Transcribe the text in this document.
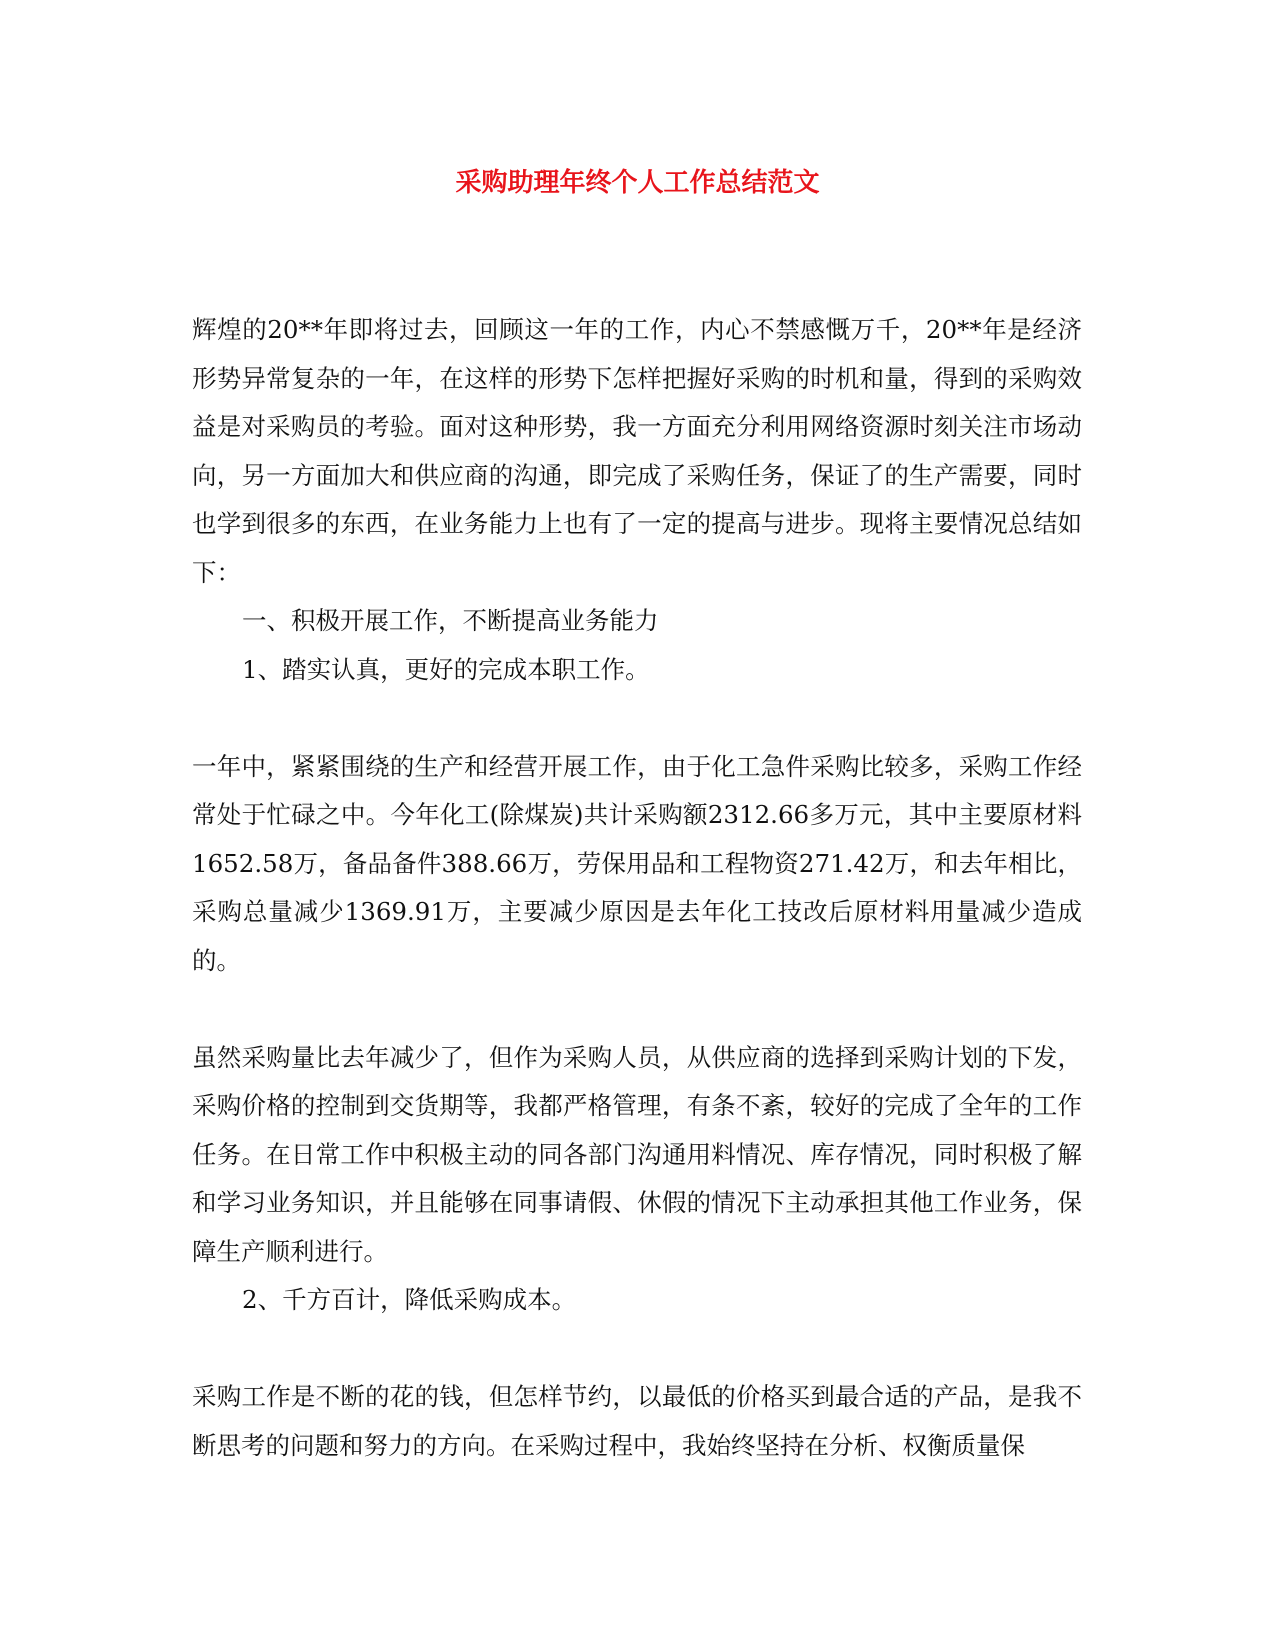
采购助理年终个人工作总结范文

辉煌的20**年即将过去，回顾这一年的工作，内心不禁感慨万千，20**年是经济形势异常复杂的一年，在这样的形势下怎样把握好采购的时机和量，得到的采购效益是对采购员的考验。面对这种形势，我一方面充分利用网络资源时刻关注市场动向，另一方面加大和供应商的沟通，即完成了采购任务，保证了的生产需要，同时也学到很多的东西，在业务能力上也有了一定的提高与进步。现将主要情况总结如下：

一、积极开展工作，不断提高业务能力

1、踏实认真，更好的完成本职工作。

一年中，紧紧围绕的生产和经营开展工作，由于化工急件采购比较多，采购工作经常处于忙碌之中。今年化工(除煤炭)共计采购额2312.66多万元，其中主要原材料1652.58万，备品备件388.66万，劳保用品和工程物资271.42万，和去年相比，采购总量减少1369.91万，主要减少原因是去年化工技改后原材料用量减少造成的。

虽然采购量比去年减少了，但作为采购人员，从供应商的选择到采购计划的下发，采购价格的控制到交货期等，我都严格管理，有条不紊，较好的完成了全年的工作任务。在日常工作中积极主动的同各部门沟通用料情况、库存情况，同时积极了解和学习业务知识，并且能够在同事请假、休假的情况下主动承担其他工作业务，保障生产顺利进行。

2、千方百计，降低采购成本。

采购工作是不断的花的钱，但怎样节约，以最低的价格买到最合适的产品，是我不断思考的问题和努力的方向。在采购过程中，我始终坚持在分析、权衡质量保
